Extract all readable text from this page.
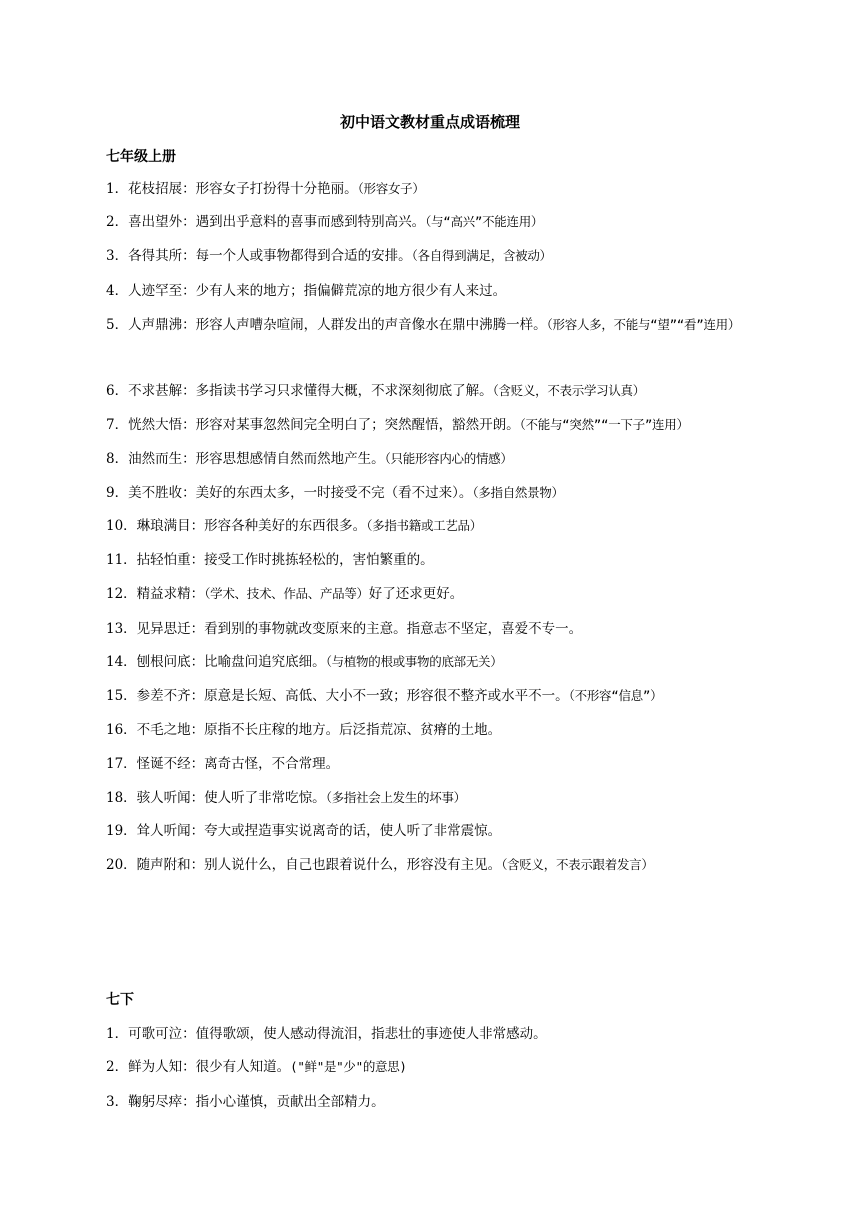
初中语文教材重点成语梳理
七年级上册
1．花枝招展：形容女子打扮得十分艳丽。（形容女子）
2．喜出望外：遇到出乎意料的喜事而感到特别高兴。（与“高兴”不能连用）
3．各得其所：每一个人或事物都得到合适的安排。（各自得到满足，含被动）
4．人迹罕至：少有人来的地方；指偏僻荒凉的地方很少有人来过。
5．人声鼎沸：形容人声嘈杂喧闹，人群发出的声音像水在鼎中沸腾一样。（形容人多，不能与“望”“看”连用）
6．不求甚解：多指读书学习只求懂得大概，不求深刻彻底了解。（含贬义，不表示学习认真）
7．恍然大悟：形容对某事忽然间完全明白了；突然醒悟，豁然开朗。（不能与“突然”“一下子”连用）
8．油然而生：形容思想感情自然而然地产生。（只能形容内心的情感）
9．美不胜收：美好的东西太多，一时接受不完（看不过来）。（多指自然景物）
10．琳琅满目：形容各种美好的东西很多。（多指书籍或工艺品）
11．拈轻怕重：接受工作时挑拣轻松的，害怕繁重的。
12．精益求精：（学术、技术、作品、产品等）好了还求更好。
13．见异思迁：看到别的事物就改变原来的主意。指意志不坚定，喜爱不专一。
14．刨根问底：比喻盘问追究底细。（与植物的根或事物的底部无关）
15．参差不齐：原意是长短、高低、大小不一致；形容很不整齐或水平不一。（不形容“信息”）
16．不毛之地：原指不长庄稼的地方。后泛指荒凉、贫瘠的土地。
17．怪诞不经：离奇古怪，不合常理。
18．骇人听闻：使人听了非常吃惊。（多指社会上发生的坏事）
19．耸人听闻：夸大或捏造事实说离奇的话，使人听了非常震惊。
20．随声附和：别人说什么，自己也跟着说什么，形容没有主见。（含贬义，不表示跟着发言）
七下
1．可歌可泣：值得歌颂，使人感动得流泪，指悲壮的事迹使人非常感动。
2．鲜为人知：很少有人知道。("鲜"是"少"的意思)
3．鞠躬尽瘁：指小心谨慎，贡献出全部精力。
